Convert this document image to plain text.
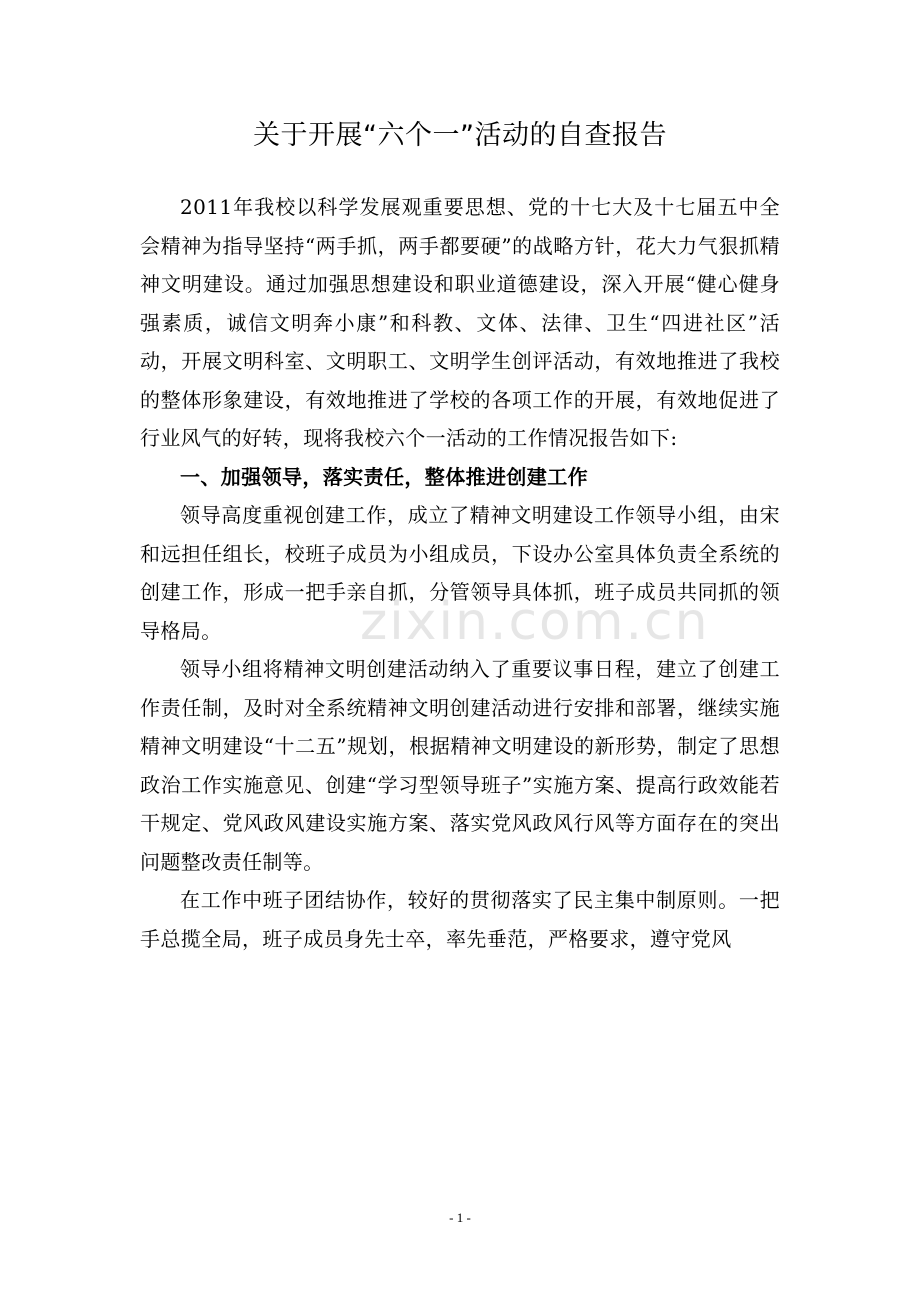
关于开展“六个一”活动的自查报告
zixin.com.cn

2011年我校以科学发展观重要思想、党的十七大及十七届五中全会精神为指导坚持“两手抓，两手都要硬”的战略方针，花大力气狠抓精神文明建设。通过加强思想建设和职业道德建设，深入开展“健心健身强素质，诚信文明奔小康”和科教、文体、法律、卫生“四进社区”活动，开展文明科室、文明职工、文明学生创评活动，有效地推进了我校的整体形象建设，有效地推进了学校的各项工作的开展，有效地促进了行业风气的好转，现将我校六个一活动的工作情况报告如下:

一、加强领导，落实责任，整体推进创建工作

领导高度重视创建工作，成立了精神文明建设工作领导小组，由宋和远担任组长，校班子成员为小组成员，下设办公室具体负责全系统的创建工作，形成一把手亲自抓，分管领导具体抓，班子成员共同抓的领导格局。

领导小组将精神文明创建活动纳入了重要议事日程，建立了创建工作责任制，及时对全系统精神文明创建活动进行安排和部署，继续实施精神文明建设“十二五”规划，根据精神文明建设的新形势，制定了思想政治工作实施意见、创建“学习型领导班子”实施方案、提高行政效能若干规定、党风政风建设实施方案、落实党风政风行风等方面存在的突出问题整改责任制等。

在工作中班子团结协作，较好的贯彻落实了民主集中制原则。一把手总揽全局，班子成员身先士卒，率先垂范，严格要求，遵守党风

- 1 -
